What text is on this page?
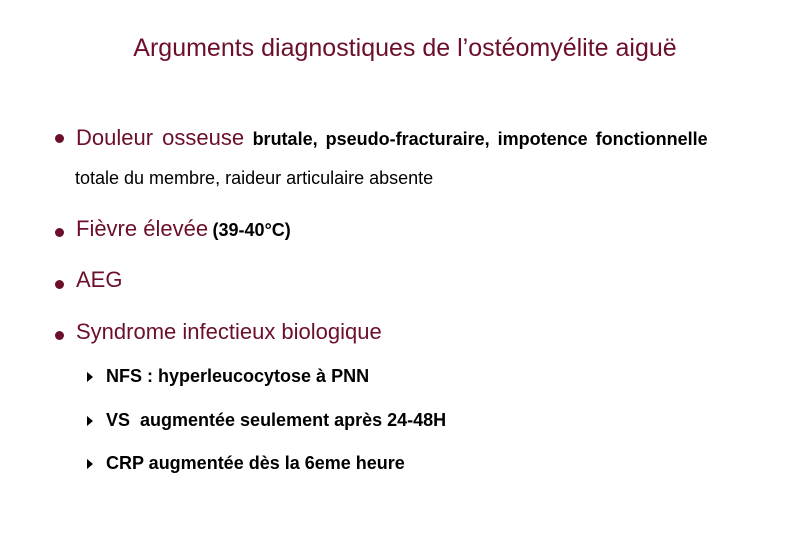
Arguments diagnostiques de l’ostéomyélite aiguë
Douleur osseuse brutale, pseudo-fracturaire, impotence fonctionnelle
totale du membre, raideur articulaire absente
Fièvre élevée (39-40°C)
AEG
Syndrome infectieux biologique
NFS : hyperleucocytose à PNN
VS  augmentée seulement après 24-48H
CRP augmentée dès la 6eme heure
